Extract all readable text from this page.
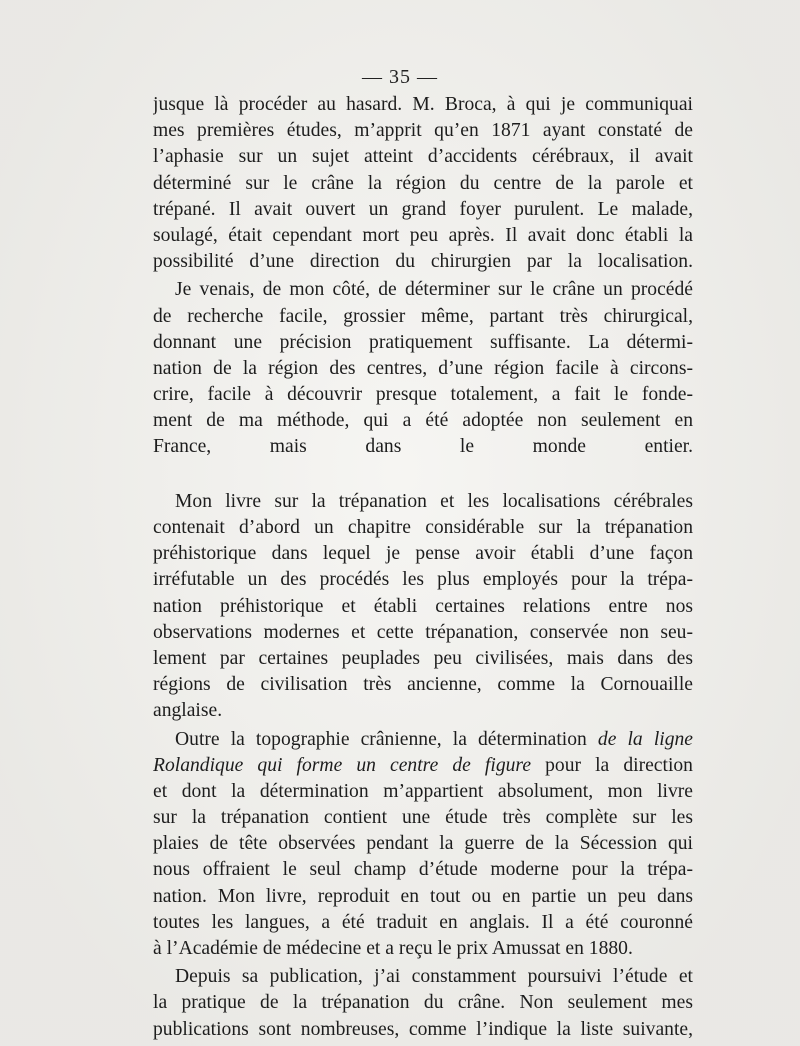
— 35 —
jusque là procéder au hasard. M. Broca, à qui je communiquai
mes premières études, m’apprit qu’en 1871 ayant constaté de
l’aphasie sur un sujet atteint d’accidents cérébraux, il avait
déterminé sur le crâne la région du centre de la parole et
trépané. Il avait ouvert un grand foyer purulent. Le malade,
soulagé, était cependant mort peu après. Il avait donc établi la
possibilité d’une direction du chirurgien par la localisation.
Je venais, de mon côté, de déterminer sur le crâne un procédé
de recherche facile, grossier même, partant très chirurgical,
donnant une précision pratiquement suffisante. La détermi-
nation de la région des centres, d’une région facile à circons-
crire, facile à découvrir presque totalement, a fait le fonde-
ment de ma méthode, qui a été adoptée non seulement en
France, mais dans le monde entier.
Mon livre sur la trépanation et les localisations cérébrales
contenait d’abord un chapitre considérable sur la trépanation
préhistorique dans lequel je pense avoir établi d’une façon
irréfutable un des procédés les plus employés pour la trépa-
nation préhistorique et établi certaines relations entre nos
observations modernes et cette trépanation, conservée non seu-
lement par certaines peuplades peu civilisées, mais dans des
régions de civilisation très ancienne, comme la Cornouaille
anglaise.
Outre la topographie crânienne, la détermination de la ligne
Rolandique qui forme un centre de figure pour la direction
et dont la détermination m’appartient absolument, mon livre
sur la trépanation contient une étude très complète sur les
plaies de tête observées pendant la guerre de la Sécession qui
nous offraient le seul champ d’étude moderne pour la trépa-
nation. Mon livre, reproduit en tout ou en partie un peu dans
toutes les langues, a été traduit en anglais. Il a été couronné
à l’Académie de médecine et a reçu le prix Amussat en 1880.
Depuis sa publication, j’ai constamment poursuivi l’étude et
la pratique de la trépanation du crâne. Non seulement mes
publications sont nombreuses, comme l’indique la liste suivante,
